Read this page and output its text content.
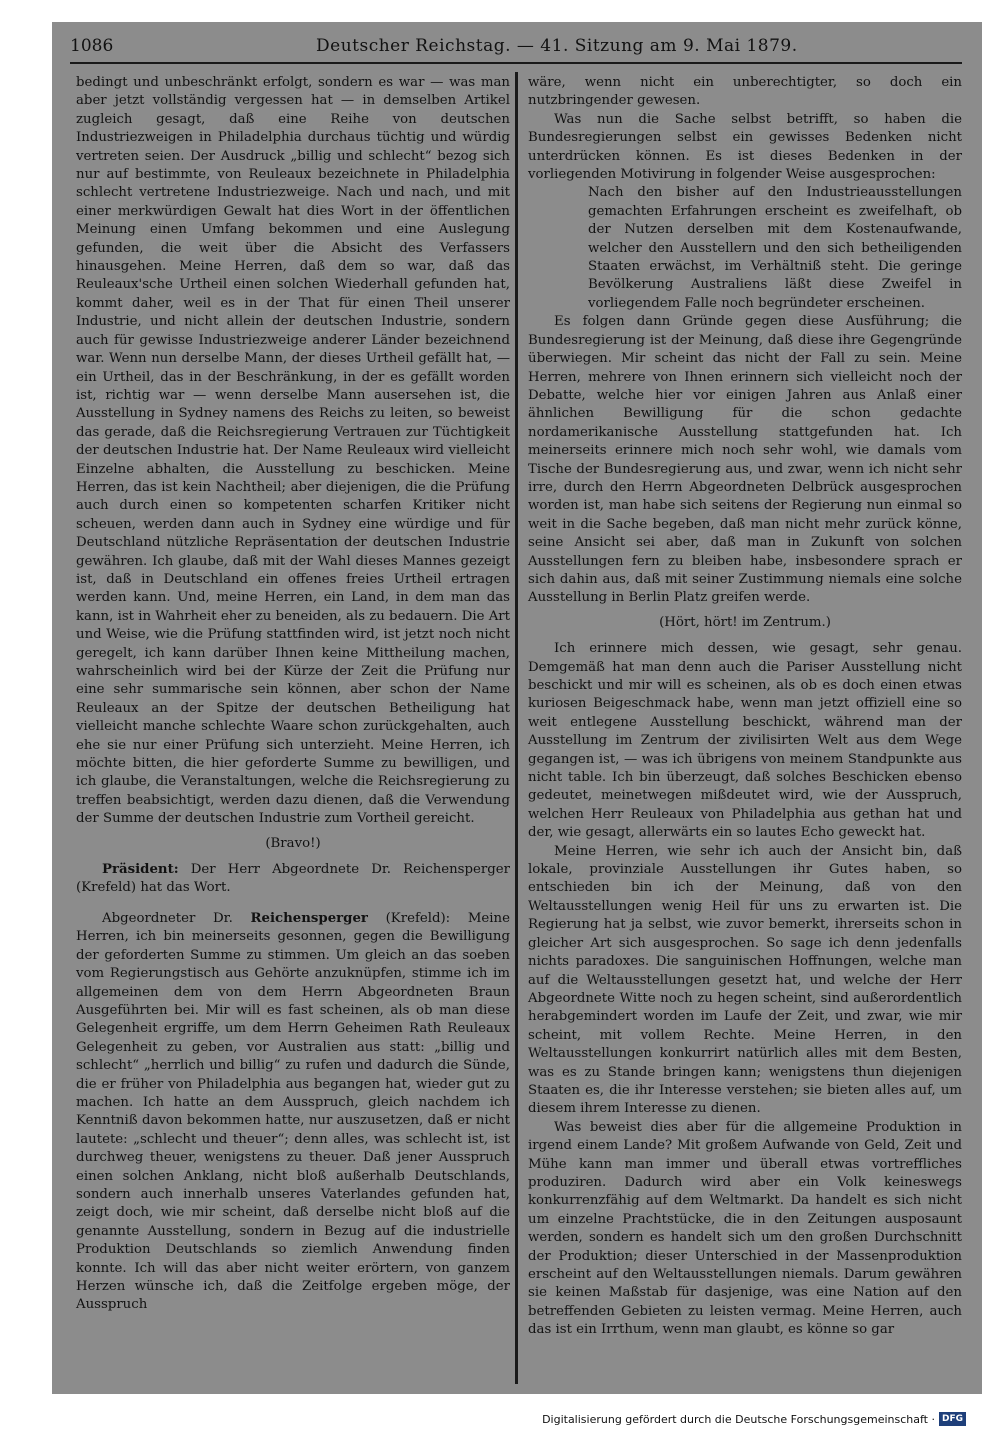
1086	Deutscher Reichstag. — 41. Sitzung am 9. Mai 1879.

bedingt und unbeschränkt erfolgt, sondern es war — was man aber jetzt vollständig vergessen hat — in demselben Artikel zugleich gesagt, daß eine Reihe von deutschen Industriezweigen in Philadelphia durchaus tüchtig und würdig vertreten seien. Der Ausdruck „billig und schlecht“ bezog sich nur auf bestimmte, von Reuleaux bezeichnete in Philadelphia schlecht vertretene Industriezweige. Nach und nach, und mit einer merkwürdigen Gewalt hat dies Wort in der öffentlichen Meinung einen Umfang bekommen und eine Auslegung gefunden, die weit über die Absicht des Verfassers hinausgehen. Meine Herren, daß dem so war, daß das Reuleaux'sche Urtheil einen solchen Wiederhall gefunden hat, kommt daher, weil es in der That für einen Theil unserer Industrie, und nicht allein der deutschen Industrie, sondern auch für gewisse Industriezweige anderer Länder bezeichnend war. Wenn nun derselbe Mann, der dieses Urtheil gefällt hat, — ein Urtheil, das in der Beschränkung, in der es gefällt worden ist, richtig war — wenn derselbe Mann ausersehen ist, die Ausstellung in Sydney namens des Reichs zu leiten, so beweist das gerade, daß die Reichsregierung Vertrauen zur Tüchtigkeit der deutschen Industrie hat. Der Name Reuleaux wird vielleicht Einzelne abhalten, die Ausstellung zu beschicken. Meine Herren, das ist kein Nachtheil; aber diejenigen, die die Prüfung auch durch einen so kompetenten scharfen Kritiker nicht scheuen, werden dann auch in Sydney eine würdige und für Deutschland nützliche Repräsentation der deutschen Industrie gewähren. Ich glaube, daß mit der Wahl dieses Mannes gezeigt ist, daß in Deutschland ein offenes freies Urtheil ertragen werden kann. Und, meine Herren, ein Land, in dem man das kann, ist in Wahrheit eher zu beneiden, als zu bedauern. Die Art und Weise, wie die Prüfung stattfinden wird, ist jetzt noch nicht geregelt, ich kann darüber Ihnen keine Mittheilung machen, wahrscheinlich wird bei der Kürze der Zeit die Prüfung nur eine sehr summarische sein können, aber schon der Name Reuleaux an der Spitze der deutschen Betheiligung hat vielleicht manche schlechte Waare schon zurückgehalten, auch ehe sie nur einer Prüfung sich unterzieht. Meine Herren, ich möchte bitten, die hier geforderte Summe zu bewilligen, und ich glaube, die Veranstaltungen, welche die Reichsregierung zu treffen beabsichtigt, werden dazu dienen, daß die Verwendung der Summe der deutschen Industrie zum Vortheil gereicht.

(Bravo!)

Präsident: Der Herr Abgeordnete Dr. Reichensperger (Krefeld) hat das Wort.

Abgeordneter Dr. Reichensperger (Krefeld): Meine Herren, ich bin meinerseits gesonnen, gegen die Bewilligung der geforderten Summe zu stimmen. Um gleich an das soeben vom Regierungstisch aus Gehörte anzuknüpfen, stimme ich im allgemeinen dem von dem Herrn Abgeordneten Braun Ausgeführten bei. Mir will es fast scheinen, als ob man diese Gelegenheit ergriffe, um dem Herrn Geheimen Rath Reuleaux Gelegenheit zu geben, vor Australien aus statt: „billig und schlecht“ „herrlich und billig“ zu rufen und dadurch die Sünde, die er früher von Philadelphia aus begangen hat, wieder gut zu machen. Ich hatte an dem Ausspruch, gleich nachdem ich Kenntniß davon bekommen hatte, nur auszusetzen, daß er nicht lautete: „schlecht und theuer“; denn alles, was schlecht ist, ist durchweg theuer, wenigstens zu theuer. Daß jener Ausspruch einen solchen Anklang, nicht bloß außerhalb Deutschlands, sondern auch innerhalb unseres Vaterlandes gefunden hat, zeigt doch, wie mir scheint, daß derselbe nicht bloß auf die genannte Ausstellung, sondern in Bezug auf die industrielle Produktion Deutschlands so ziemlich Anwendung finden konnte. Ich will das aber nicht weiter erörtern, von ganzem Herzen wünsche ich, daß die Zeitfolge ergeben möge, der Ausspruch

wäre, wenn nicht ein unberechtigter, so doch ein nutzbringender gewesen.

Was nun die Sache selbst betrifft, so haben die Bundesregierungen selbst ein gewisses Bedenken nicht unterdrücken können. Es ist dieses Bedenken in der vorliegenden Motivirung in folgender Weise ausgesprochen:

Nach den bisher auf den Industrieausstellungen gemachten Erfahrungen erscheint es zweifelhaft, ob der Nutzen derselben mit dem Kostenaufwande, welcher den Ausstellern und den sich betheiligenden Staaten erwächst, im Verhältniß steht. Die geringe Bevölkerung Australiens läßt diese Zweifel in vorliegendem Falle noch begründeter erscheinen.

Es folgen dann Gründe gegen diese Ausführung; die Bundesregierung ist der Meinung, daß diese ihre Gegengründe überwiegen. Mir scheint das nicht der Fall zu sein. Meine Herren, mehrere von Ihnen erinnern sich vielleicht noch der Debatte, welche hier vor einigen Jahren aus Anlaß einer ähnlichen Bewilligung für die schon gedachte nordamerikanische Ausstellung stattgefunden hat. Ich meinerseits erinnere mich noch sehr wohl, wie damals vom Tische der Bundesregierung aus, und zwar, wenn ich nicht sehr irre, durch den Herrn Abgeordneten Delbrück ausgesprochen worden ist, man habe sich seitens der Regierung nun einmal so weit in die Sache begeben, daß man nicht mehr zurück könne, seine Ansicht sei aber, daß man in Zukunft von solchen Ausstellungen fern zu bleiben habe, insbesondere sprach er sich dahin aus, daß mit seiner Zustimmung niemals eine solche Ausstellung in Berlin Platz greifen werde.

(Hört, hört! im Zentrum.)

Ich erinnere mich dessen, wie gesagt, sehr genau. Demgemäß hat man denn auch die Pariser Ausstellung nicht beschickt und mir will es scheinen, als ob es doch einen etwas kuriosen Beigeschmack habe, wenn man jetzt offiziell eine so weit entlegene Ausstellung beschickt, während man der Ausstellung im Zentrum der zivilisirten Welt aus dem Wege gegangen ist, — was ich übrigens von meinem Standpunkte aus nicht table. Ich bin überzeugt, daß solches Beschicken ebenso gedeutet, meinetwegen mißdeutet wird, wie der Ausspruch, welchen Herr Reuleaux von Philadelphia aus gethan hat und der, wie gesagt, allerwärts ein so lautes Echo geweckt hat.

Meine Herren, wie sehr ich auch der Ansicht bin, daß lokale, provinziale Ausstellungen ihr Gutes haben, so entschieden bin ich der Meinung, daß von den Weltausstellungen wenig Heil für uns zu erwarten ist. Die Regierung hat ja selbst, wie zuvor bemerkt, ihrerseits schon in gleicher Art sich ausgesprochen. So sage ich denn jedenfalls nichts paradoxes. Die sanguinischen Hoffnungen, welche man auf die Weltausstellungen gesetzt hat, und welche der Herr Abgeordnete Witte noch zu hegen scheint, sind außerordentlich herabgemindert worden im Laufe der Zeit, und zwar, wie mir scheint, mit vollem Rechte. Meine Herren, in den Weltausstellungen konkurrirt natürlich alles mit dem Besten, was es zu Stande bringen kann; wenigstens thun diejenigen Staaten es, die ihr Interesse verstehen; sie bieten alles auf, um diesem ihrem Interesse zu dienen.

Was beweist dies aber für die allgemeine Produktion in irgend einem Lande? Mit großem Aufwande von Geld, Zeit und Mühe kann man immer und überall etwas vortreffliches produziren. Dadurch wird aber ein Volk keineswegs konkurrenzfähig auf dem Weltmarkt. Da handelt es sich nicht um einzelne Prachtstücke, die in den Zeitungen ausposaunt werden, sondern es handelt sich um den großen Durchschnitt der Produktion; dieser Unterschied in der Massenproduktion erscheint auf den Weltausstellungen niemals. Darum gewähren sie keinen Maßstab für dasjenige, was eine Nation auf den betreffenden Gebieten zu leisten vermag. Meine Herren, auch das ist ein Irrthum, wenn man glaubt, es könne so gar

Digitalisierung gefördert durch die Deutsche Forschungsgemeinschaft · DFG
